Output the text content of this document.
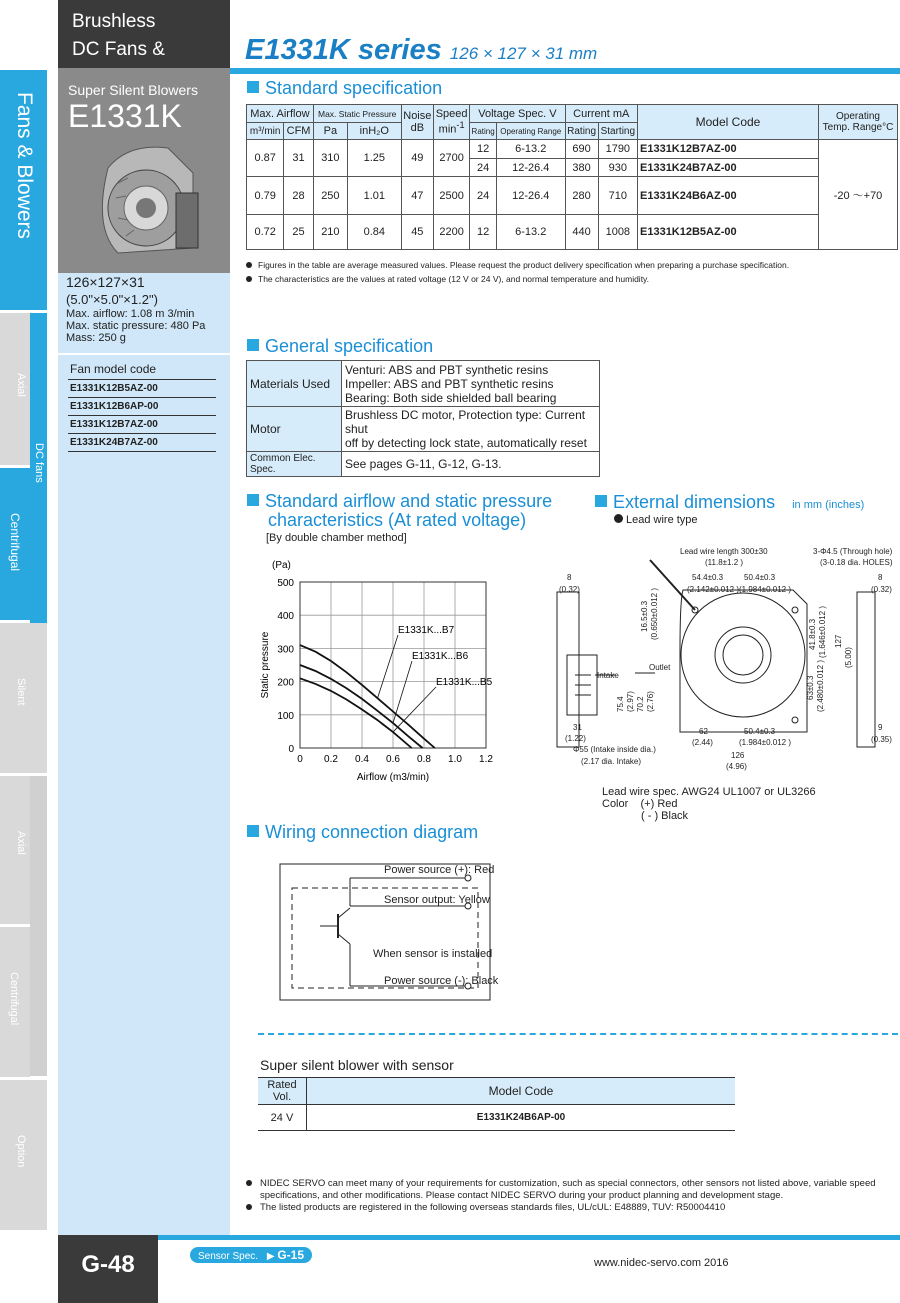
Fans & Blowers
Axial
DC fans
Centrifugal
Silent
Axial
Centrifugal
Option
Brushless
DC Fans &	E1331K series 126 × 127 × 31 mm
Super Silent Blowers
E1331K
126×127×31
(5.0"×5.0"×1.2")
Max. airflow: 1.08 m 3/min
Max. static pressure: 480 Pa
Mass: 250 g
Fan model code
E1331K12B5AZ-00
E1331K12B6AP-00
E1331K12B7AZ-00
E1331K24B7AZ-00
Standard specification
Max. Airflow		Max. Static Pressure		Noise
dB	Speed
$\min^{-1}$	Voltage Spec. V		Current mA		Model Code	Operating
Temp. Range°C
m³/min	CFM	Pa	inH₂O			Rating	Operating Range	Rating	Starting		
0.87	31	310	1.25	49	2700	12	6-13.2	690	1790	E1331K12B7AZ-00	-20 ～+70
						24	12-26.4	380	930	E1331K24B7AZ-00	
0.79	28	250	1.01	47	2500	24	12-26.4	280	710	E1331K24B6AZ-00	
0.72	25	210	0.84	45	2200	12	6-13.2	440	1008	E1331K12B5AZ-00	
Figures in the table are average measured values. Please request the product delivery specification when preparing a purchase specification.
The characteristics are the values at rated voltage (12 V or 24 V), and normal temperature and humidity.
General specification
Materials Used	Venturi: ABS and PBT synthetic resins
Impeller: ABS and PBT synthetic resins
Bearing: Both side shielded ball bearing

Motor	Brushless DC motor, Protection type: Current shut
off by detecting lock state, automatically reset

Common Elec. Spec.	See pages G-11, G-12, G-13.
Standard airflow and static pressure
characteristics (At rated voltage)
[By double chamber method]
0 0.2 0.4 0.6 0.8 1.0 1.2
0
100
200
300
400
500
(Pa)
Static pressure
Airflow (m3/min)
E1331K...B7
E1331K...B6
E1331K...B5
External dimensions in mm (inches)
Lead wire type
Lead wire length 300±30
(11.8±1.2 )
3-Φ4.5 (Through hole)
(3-0.18 dia. HOLES)
8
(0.32)
8
(0.32)
54.4±0.3
(2.142±0.012 )
50.4±0.3
(1.984±0.012 )
16.5±0.3 (0.650±0.012 )	41.8±0.3 (1.646±0.012 ) 127
(5.00)
63±0.3 (2.480±0.012 )
75.4 (2.97) 70.2 (2.76)
Intake
Outlet
31
(1.22)
62
(2.44)
50.4±0.3
(1.984±0.012 )
Φ55 (Intake inside dia.)
(2.17 dia. Intake)
126
(4.96)
9
(0.35)
Lead wire spec. AWG24 UL1007 or UL3266
Color (+) Red
( - ) Black
Wiring connection diagram
Power source (+): Red
Sensor output: Yellow
When sensor is installed
Power source (-): Black
Super silent blower with sensor
Rated Vol.	Model Code
24 V	E1331K24B6AP-00
NIDEC SERVO can meet many of your requirements for customization, such as special connectors, other sensors not listed above, variable speed
specifications, and other modifications. Please contact NIDEC SERVO during your product planning and development stage.
The listed products are registered in the following overseas standards files, UL/cUL: E48889, TUV: R50004410
G-48	Sensor Spec. ▶ G-15
www.nidec-servo.com 2016
